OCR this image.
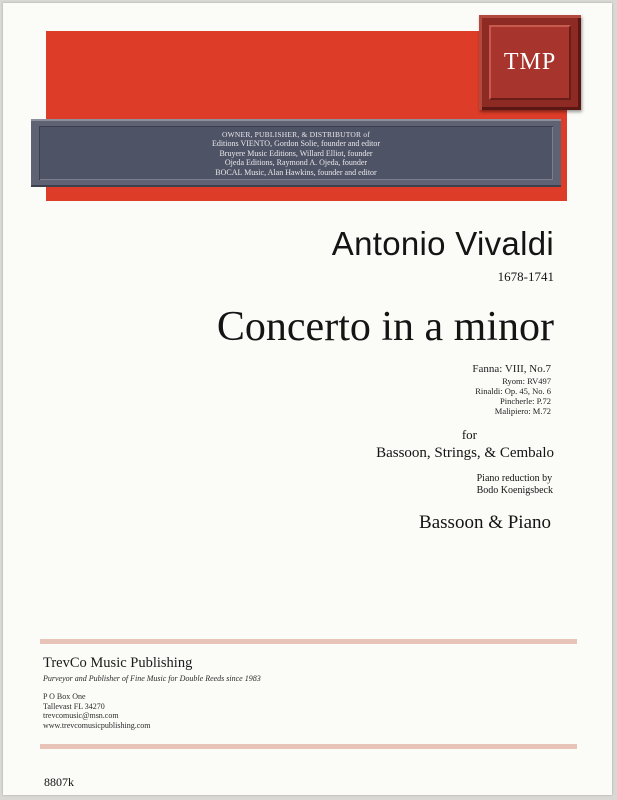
TMP
OWNER, PUBLISHER, & DISTRIBUTOR of
Editions VIENTO, Gordon Solie, founder and editor
Bruyere Music Editions, Willard Elliot, founder
Ojeda Editions, Raymond A. Ojeda, founder
BOCAL Music, Alan Hawkins, founder and editor
Antonio Vivaldi
1678-1741
Concerto in a minor
Fanna: VIII, No.7
Ryom: RV497
Rinaldi: Op. 45, No. 6
Pincherle: P.72
Malipiero: M.72
for
Bassoon, Strings, & Cembalo
Piano reduction by
Bodo Koenigsbeck
Bassoon & Piano
TrevCo Music Publishing
Purveyor and Publisher of Fine Music for Double Reeds since 1983
P O Box One
Tallevast FL 34270
trevcomusic@msn.com
www.trevcomusicpublishing.com
8807k
